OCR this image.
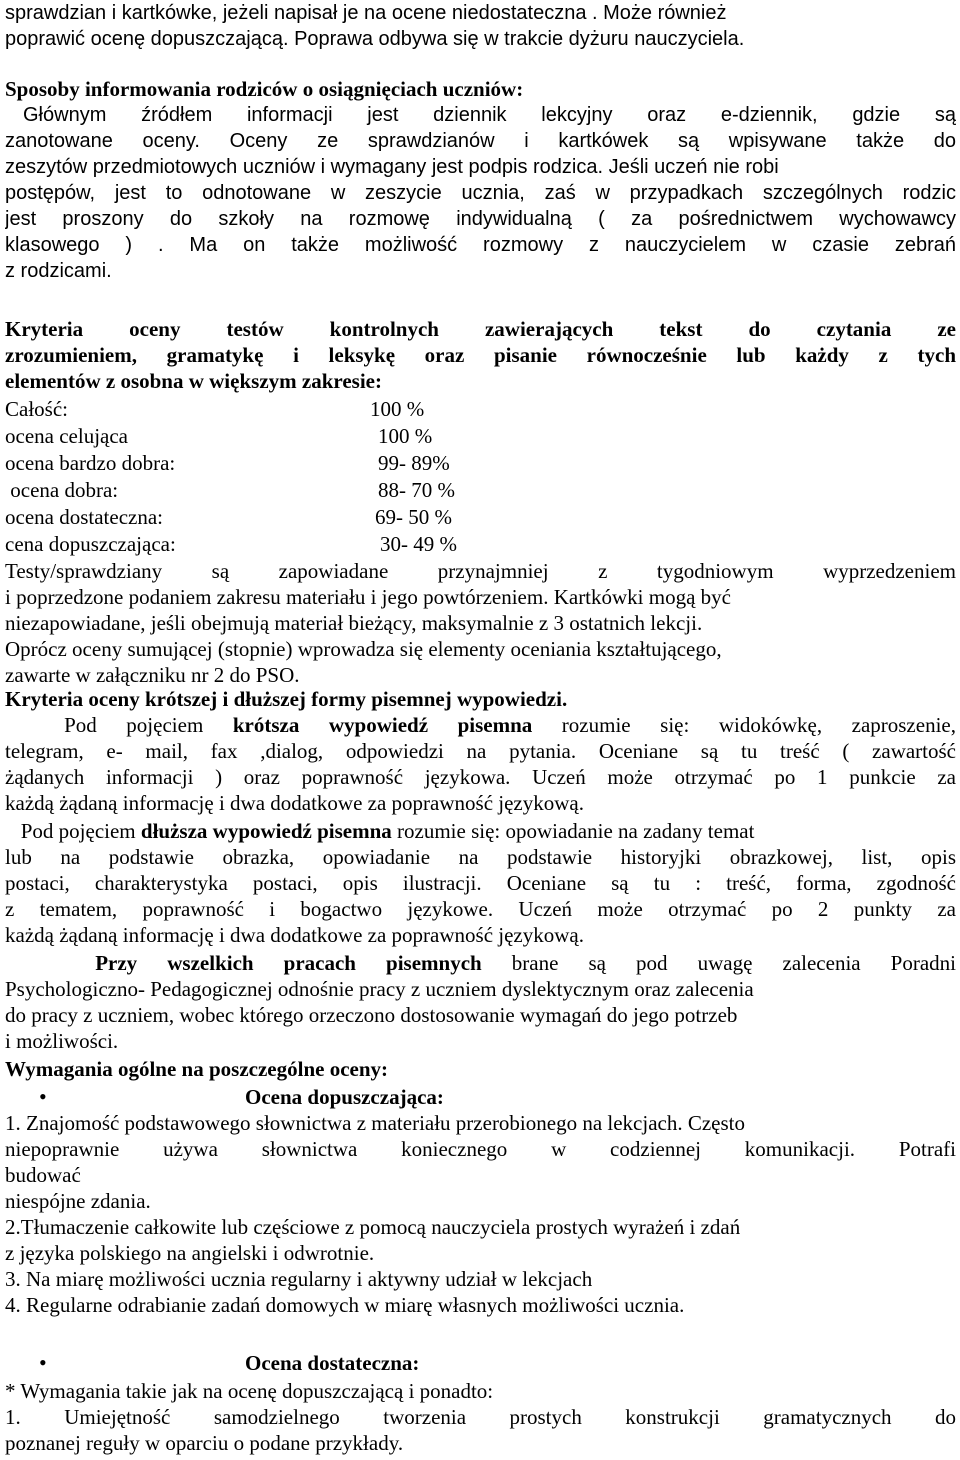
sprawdzian i kartkówke, jeżeli napisał je na ocene niedostateczna . Może również
poprawić ocenę dopuszczającą. Poprawa odbywa się w trakcie dyżuru nauczyciela.
Sposoby informowania rodziców o osiągnięciach uczniów:
Głównym źródłem informacji jest dziennik lekcyjny oraz e-dziennik, gdzie są
zanotowane oceny. Oceny ze sprawdzianów i kartkówek są wpisywane także do
zeszytów przedmiotowych uczniów i wymagany jest podpis rodzica. Jeśli uczeń nie robi
postępów, jest to odnotowane w zeszycie ucznia, zaś w przypadkach szczególnych rodzic
jest proszony do szkoły na rozmowę indywidualną ( za pośrednictwem wychowawcy
klasowego ) . Ma on także możliwość rozmowy z nauczycielem w czasie zebrań
z rodzicami.
Kryteria oceny testów kontrolnych zawierających tekst do czytania ze
zrozumieniem, gramatykę i leksykę oraz pisanie równocześnie lub każdy z tych
elementów z osobna w większym zakresie:
Całość:	100 %
ocena celująca	100 %
ocena bardzo dobra:	99- 89%
ocena dobra:	88- 70 %
ocena dostateczna:	69- 50 %
cena dopuszczająca:	30- 49 %
Testy/sprawdziany są zapowiadane przynajmniej z tygodniowym wyprzedzeniem
i poprzedzone podaniem zakresu materiału i jego powtórzeniem. Kartkówki mogą być
niezapowiadane, jeśli obejmują materiał bieżący, maksymalnie z 3 ostatnich lekcji.
Oprócz oceny sumującej (stopnie) wprowadza się elementy oceniania kształtującego,
zawarte w załączniku nr 2 do PSO.
Kryteria oceny krótszej i dłuższej formy pisemnej wypowiedzi.
Pod pojęciem krótsza wypowiedź pisemna rozumie się: widokówkę, zaproszenie,
telegram, e- mail, fax ,dialog, odpowiedzi na pytania. Oceniane są tu treść ( zawartość
żądanych informacji ) oraz poprawność językowa. Uczeń może otrzymać po 1 punkcie za
każdą żądaną informację i dwa dodatkowe za poprawność językową.
Pod pojęciem dłuższa wypowiedź pisemna rozumie się: opowiadanie na zadany temat
lub na podstawie obrazka, opowiadanie na podstawie historyjki obrazkowej, list, opis
postaci, charakterystyka postaci, opis ilustracji. Oceniane są tu : treść, forma, zgodność
z tematem, poprawność i bogactwo językowe. Uczeń może otrzymać po 2 punkty za
każdą żądaną informację i dwa dodatkowe za poprawność językową.
Przy wszelkich pracach pisemnych brane są pod uwagę zalecenia Poradni
Psychologiczno- Pedagogicznej odnośnie pracy z uczniem dyslektycznym oraz zalecenia
do pracy z uczniem, wobec którego orzeczono dostosowanie wymagań do jego potrzeb
i możliwości.
Wymagania ogólne na poszczególne oceny:
•	Ocena dopuszczająca:
1. Znajomość podstawowego słownictwa z materiału przerobionego na lekcjach. Często
niepoprawnie używa słownictwa koniecznego w codziennej komunikacji. Potrafi
budować
niespójne zdania.
2.Tłumaczenie całkowite lub częściowe z pomocą nauczyciela prostych wyrażeń i zdań
z języka polskiego na angielski i odwrotnie.
3. Na miarę możliwości ucznia regularny i aktywny udział w lekcjach
4. Regularne odrabianie zadań domowych w miarę własnych możliwości ucznia.
•	Ocena dostateczna:
* Wymagania takie jak na ocenę dopuszczającą i ponadto:
1. Umiejętność samodzielnego tworzenia prostych konstrukcji gramatycznych do
poznanej reguły w oparciu o podane przykłady.
